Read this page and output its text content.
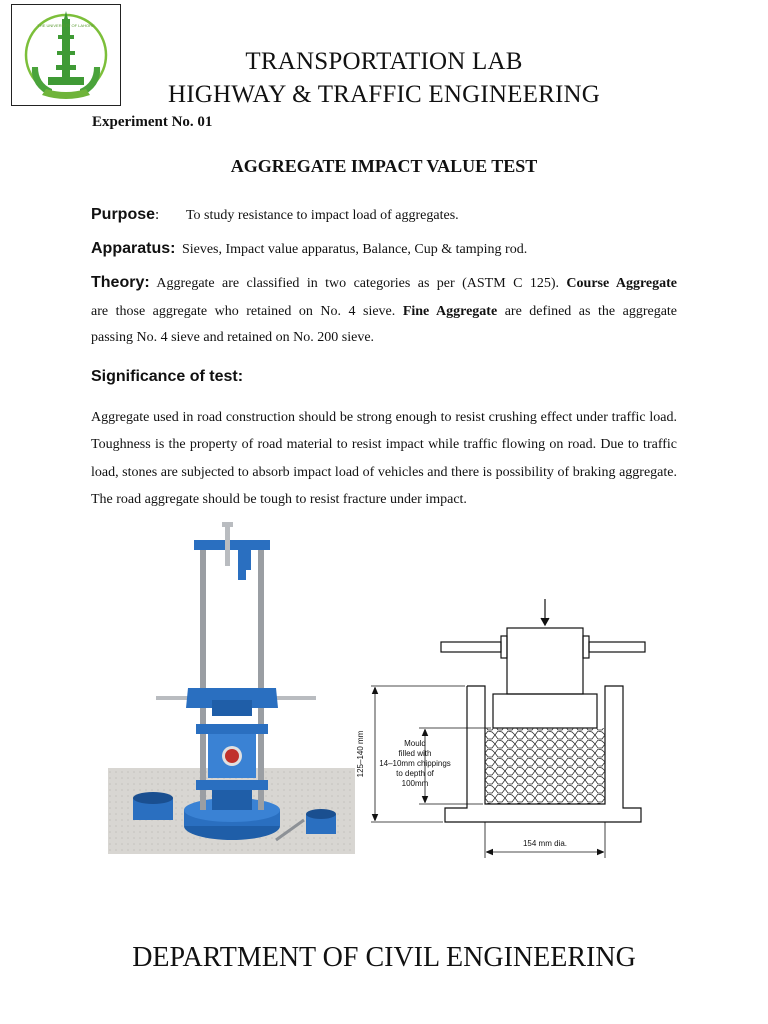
THE UNIVERSITY OF LAHORE
TRANSPORTATION LAB
HIGHWAY & TRAFFIC ENGINEERING
Experiment No. 01
AGGREGATE IMPACT VALUE TEST
Purpose: To study resistance to impact load of aggregates.
Apparatus: Sieves, Impact value apparatus, Balance, Cup & tamping rod.
Theory: Aggregate are classified in two categories as per (ASTM C 125). Course Aggregate
are those aggregate who retained on No. 4 sieve. Fine Aggregate are defined as the aggregate
passing No. 4 sieve and retained on No. 200 sieve.
Significance of test:
Aggregate used in road construction should be strong enough to resist crushing effect under traffic load. Toughness is the property of road material to resist impact while traffic flowing on road. Due to traffic load, stones are subjected to absorb impact load of vehicles and there is possibility of braking aggregate. The road aggregate should be tough to resist fracture under impact.
125–140 mm	Mould
filled with
14–10mm chippings
to depth of
100mm
154 mm dia.
DEPARTMENT OF CIVIL ENGINEERING
